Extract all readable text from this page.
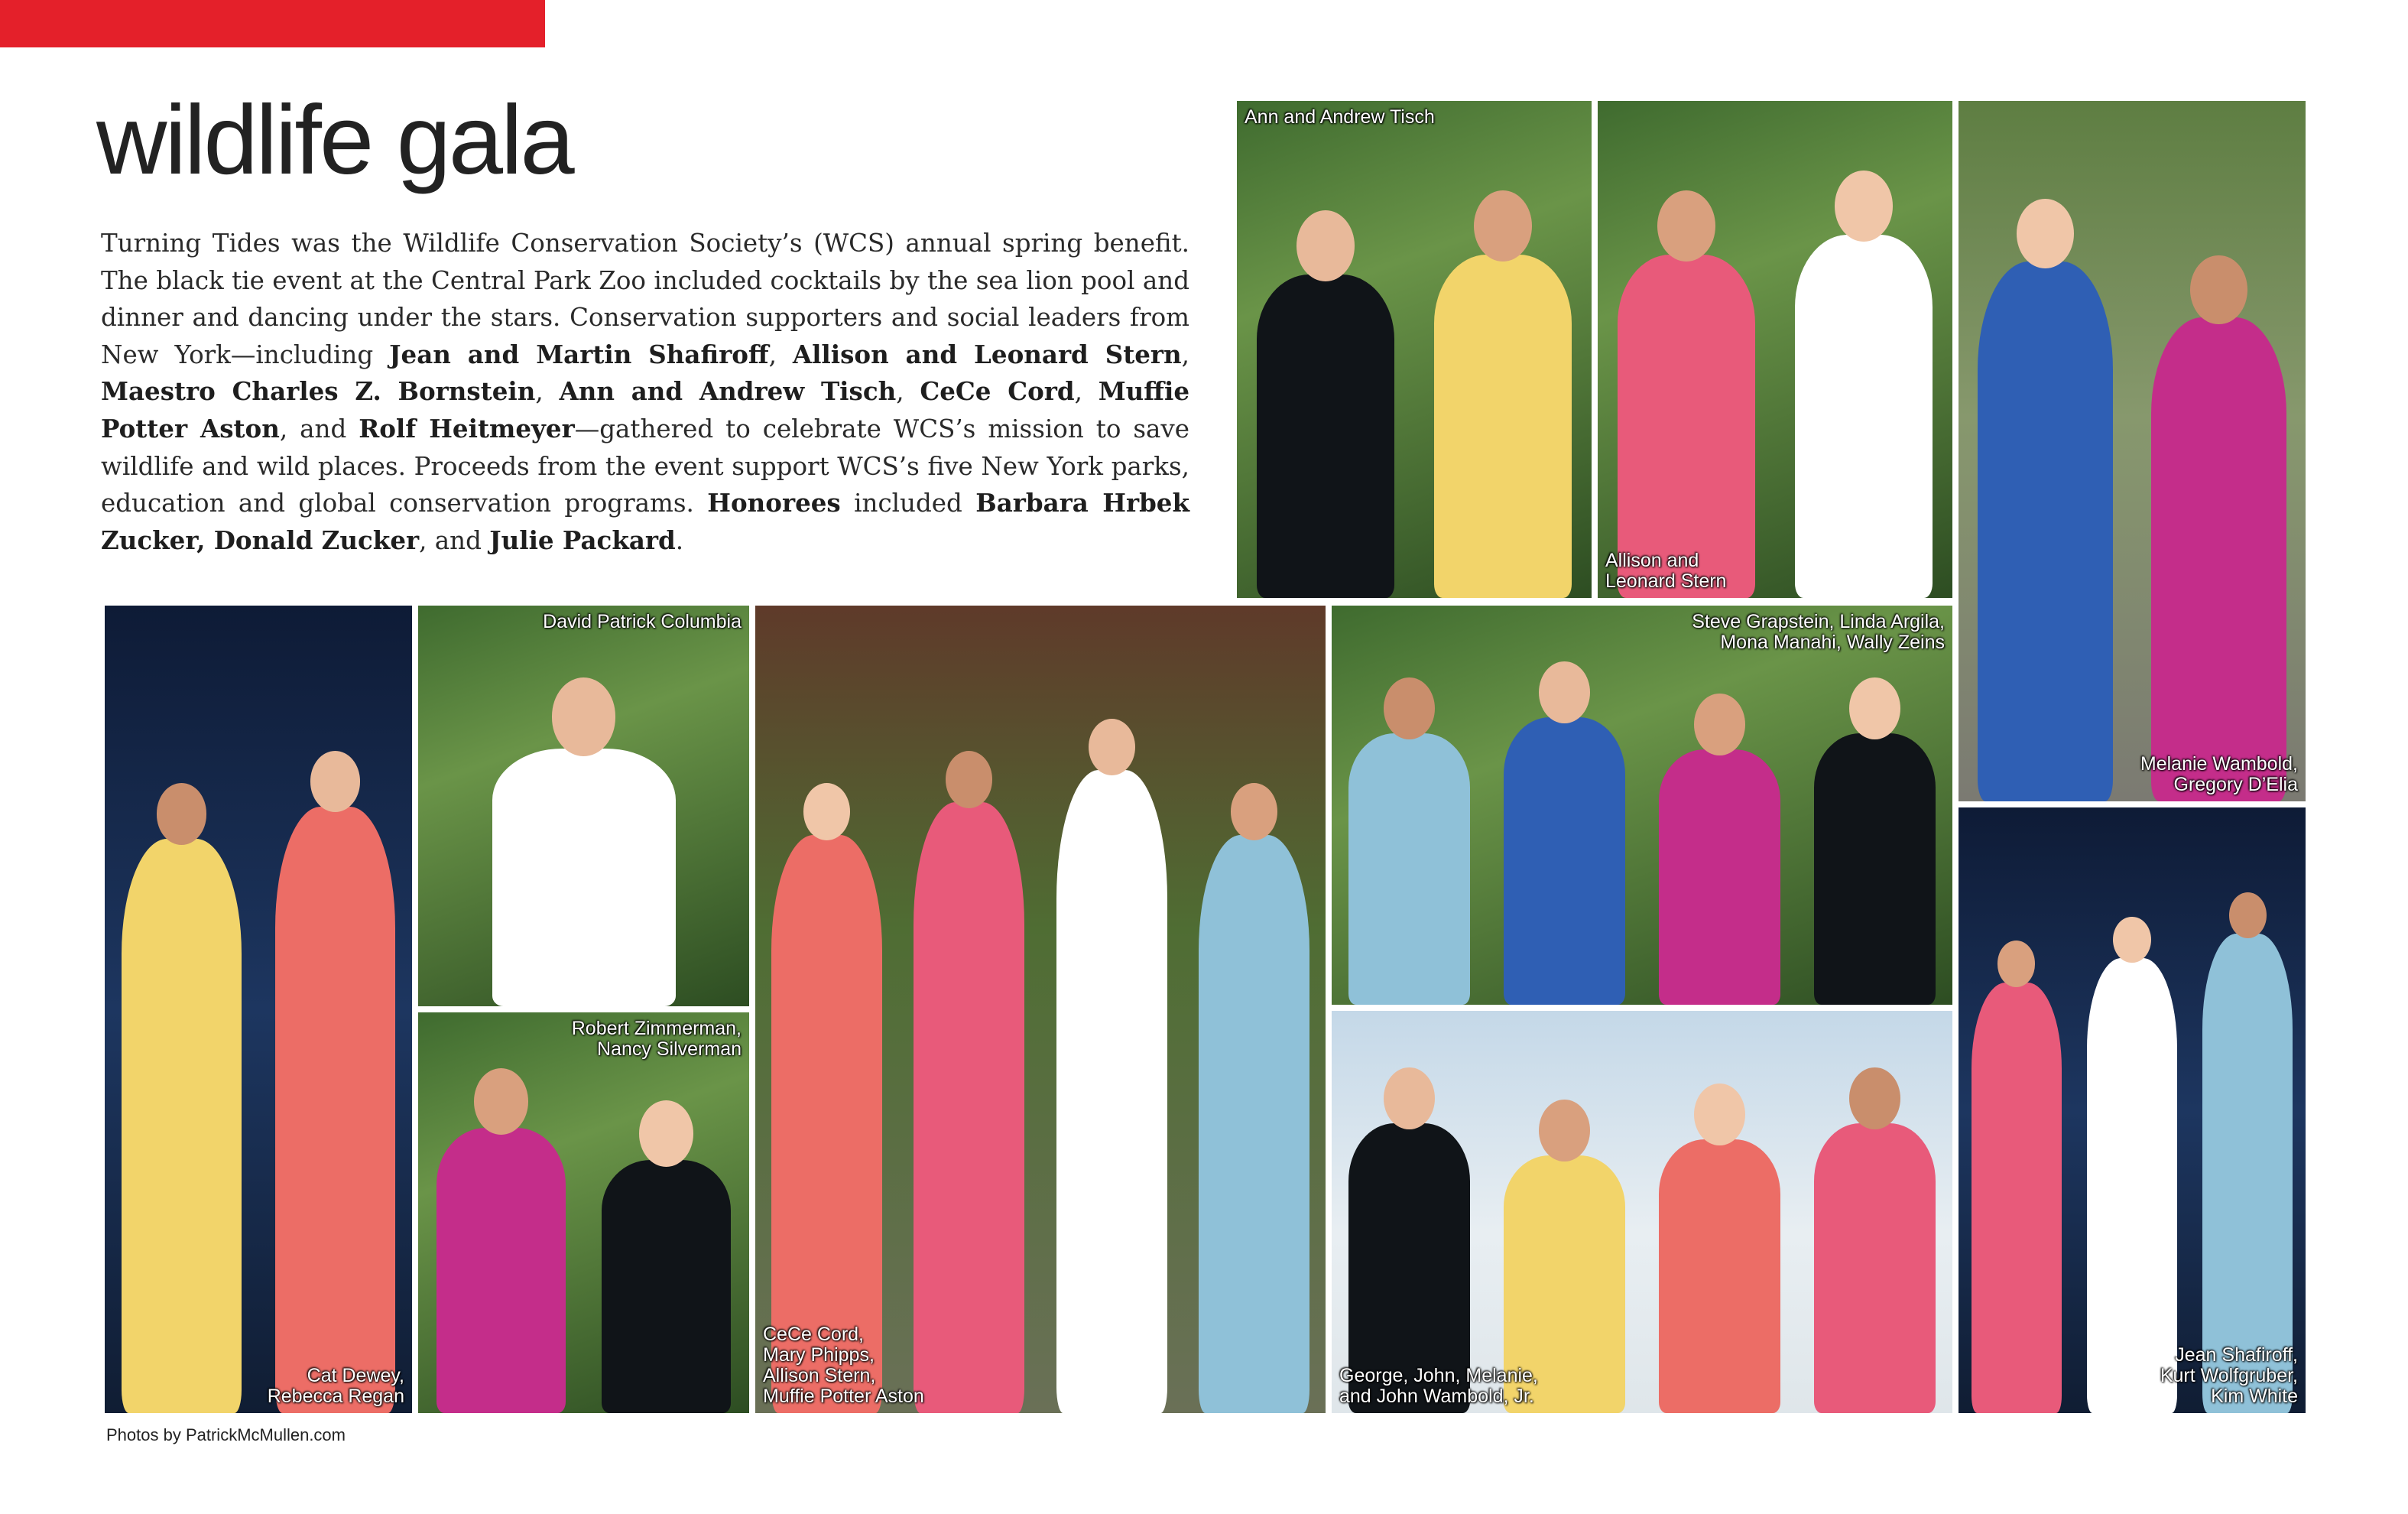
wildlife gala

Turning Tides was the Wildlife Conservation Society’s (WCS) annual spring benefit. The black tie event at the Central Park Zoo included cocktails by the sea lion pool and dinner and dancing under the stars. Conservation supporters and social leaders from New York—including Jean and Martin Shafiroff, Allison and Leonard Stern, Maestro Charles Z. Bornstein, Ann and Andrew Tisch, CeCe Cord, Muffie Potter Aston, and Rolf Heitmeyer—gathered to celebrate WCS’s mission to save wildlife and wild places. Proceeds from the event support WCS’s five New York parks, education and global conservation programs. Honorees included Barbara Hrbek Zucker, Donald Zucker, and Julie Packard.

Ann and Andrew Tisch
Allison and
Leonard Stern
Melanie Wambold,
Gregory D’Elia
Cat Dewey,
Rebecca Regan
David Patrick Columbia
Robert Zimmerman,
Nancy Silverman
CeCe Cord,
Mary Phipps,
Allison Stern,
Muffie Potter Aston
Steve Grapstein, Linda Argila,
Mona Manahi, Wally Zeins
George, John, Melanie,
and John Wambold, Jr.
Jean Shafiroff,
Kurt Wolfgruber,
Kim White

Photos by PatrickMcMullen.com
